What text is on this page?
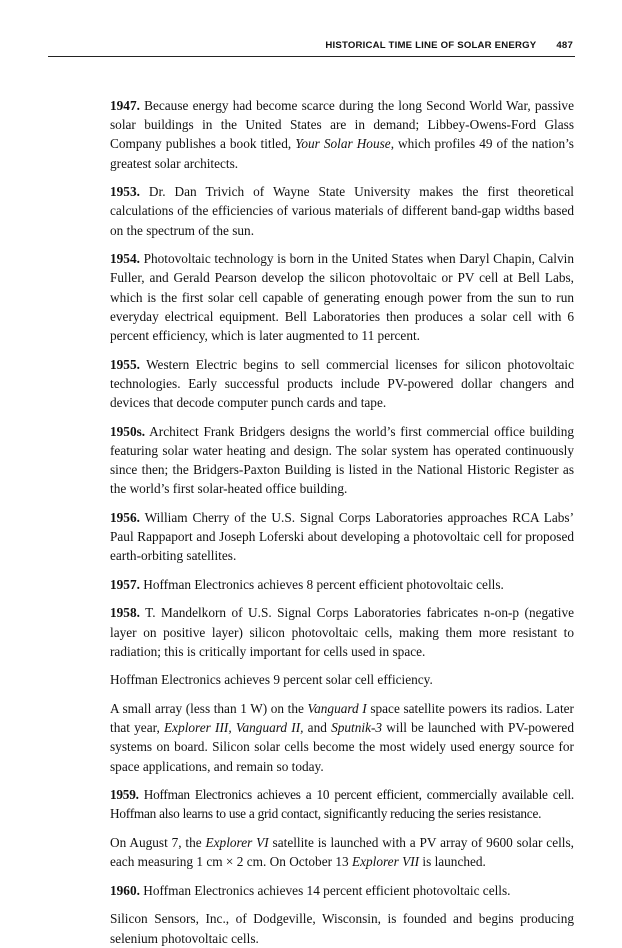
HISTORICAL TIME LINE OF SOLAR ENERGY 487

1947. Because energy had become scarce during the long Second World War, passive solar buildings in the United States are in demand; Libbey-Owens-Ford Glass Company publishes a book titled, Your Solar House, which profiles 49 of the nation’s greatest solar architects.

1953. Dr. Dan Trivich of Wayne State University makes the first theoretical calculations of the efficiencies of various materials of different band-gap widths based on the spectrum of the sun.

1954. Photovoltaic technology is born in the United States when Daryl Chapin, Calvin Fuller, and Gerald Pearson develop the silicon photovoltaic or PV cell at Bell Labs, which is the first solar cell capable of generating enough power from the sun to run everyday electrical equipment. Bell Laboratories then produces a solar cell with 6 percent efficiency, which is later augmented to 11 percent.

1955. Western Electric begins to sell commercial licenses for silicon photovoltaic technologies. Early successful products include PV-powered dollar changers and devices that decode computer punch cards and tape.

1950s. Architect Frank Bridgers designs the world’s first commercial office building featuring solar water heating and design. The solar system has operated continuously since then; the Bridgers-Paxton Building is listed in the National Historic Register as the world’s first solar-heated office building.

1956. William Cherry of the U.S. Signal Corps Laboratories approaches RCA Labs’ Paul Rappaport and Joseph Loferski about developing a photovoltaic cell for proposed earth-orbiting satellites.

1957. Hoffman Electronics achieves 8 percent efficient photovoltaic cells.

1958. T. Mandelkorn of U.S. Signal Corps Laboratories fabricates n-on-p (negative layer on positive layer) silicon photovoltaic cells, making them more resistant to radiation; this is critically important for cells used in space.

Hoffman Electronics achieves 9 percent solar cell efficiency.

A small array (less than 1 W) on the Vanguard I space satellite powers its radios. Later that year, Explorer III, Vanguard II, and Sputnik-3 will be launched with PV-powered systems on board. Silicon solar cells become the most widely used energy source for space applications, and remain so today.

1959. Hoffman Electronics achieves a 10 percent efficient, commercially available cell. Hoffman also learns to use a grid contact, significantly reducing the series resistance.

On August 7, the Explorer VI satellite is launched with a PV array of 9600 solar cells, each measuring 1 cm × 2 cm. On October 13 Explorer VII is launched.

1960. Hoffman Electronics achieves 14 percent efficient photovoltaic cells.

Silicon Sensors, Inc., of Dodgeville, Wisconsin, is founded and begins producing selenium photovoltaic cells.
